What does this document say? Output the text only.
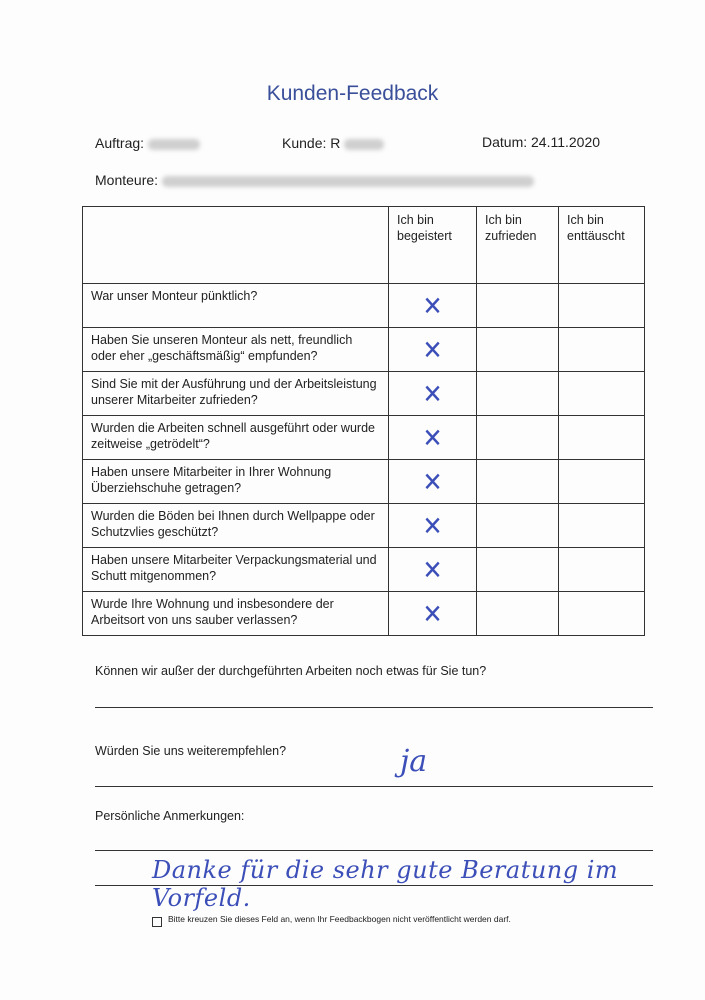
Kunden-Feedback
Auftrag:	Kunde: R	Datum: 24.11.2020
Monteure:

	Ich bin begeistert	Ich bin zufrieden	Ich bin enttäuscht

War unser Monteur pünktlich?	✕		

Haben Sie unseren Monteur als nett, freundlich oder eher „geschäftsmäßig“ empfunden?	✕		

Sind Sie mit der Ausführung und der Arbeitsleistung unserer Mitarbeiter zufrieden?	✕		

Wurden die Arbeiten schnell ausgeführt oder wurde zeitweise „getrödelt“?	✕		

Haben unsere Mitarbeiter in Ihrer Wohnung Überziehschuhe getragen?	✕		

Wurden die Böden bei Ihnen durch Wellpappe oder Schutzvlies geschützt?	✕		

Haben unsere Mitarbeiter Verpackungsmaterial und Schutt mitgenommen?	✕		

Wurde Ihre Wohnung und insbesondere der Arbeitsort von uns sauber verlassen?	✕		
Können wir außer der durchgeführten Arbeiten noch etwas für Sie tun?
Würden Sie uns weiterempfehlen?	ja
Persönliche Anmerkungen:
Danke für die sehr gute Beratung im Vorfeld.
Bitte kreuzen Sie dieses Feld an, wenn Ihr Feedbackbogen nicht veröffentlicht werden darf.
